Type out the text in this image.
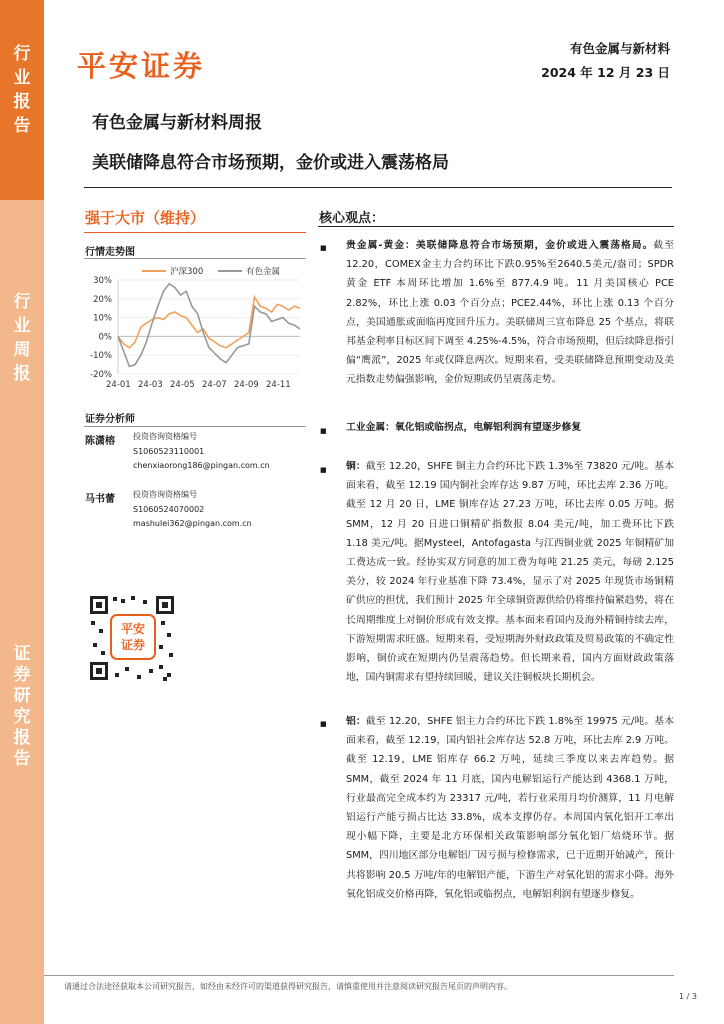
行
业
报
告
行
业
周
报
证
券
研
究
报
告
平安证券
有色金属与新材料
2024 年 12 月 23 日
有色金属与新材料周报
美联储降息符合市场预期，金价或进入震荡格局
强于大市（维持）
行情走势图
30%
20%
10%
0%
-10%
-20%
24-01 24-03 24-05 24-07 24-09 24-11
沪深300	有色金属
证券分析师
陈潇榕 投资咨询资格编号
S1060523110001
chenxiaorong186@pingan.com.cn
马书蕾 投资咨询资格编号
S1060524070002
mashulei362@pingan.com.cn
平安
证券
核心观点：
■ 贵金属-黄金：美联储降息符合市场预期，金价或进入震荡格局。截至12.20，COMEX金主力合约环比下跌0.95%至2640.5美元/盎司；SPDR 黄金 ETF 本周环比增加 1.6%至 877.4.9 吨。11 月美国核心 PCE 2.82%，环比上涨 0.03 个百分点；PCE2.44%，环比上涨 0.13 个百分点，美国通胀或面临再度回升压力。美联储周三宣布降息 25 个基点，将联邦基金利率目标区间下调至 4.25%-4.5%，符合市场预期，但后续降息指引偏“鹰派”，2025 年或仅降息两次。短期来看，受美联储降息预期变动及美元指数走势偏强影响，金价短期或仍呈震荡走势。
■ 工业金属：氧化铝或临拐点，电解铝利润有望逐步修复
■ 铜：截至 12.20，SHFE 铜主力合约环比下跌 1.3%至 73820 元/吨。基本面来看，截至 12.19 国内铜社会库存达 9.87 万吨，环比去库 2.36 万吨。截至 12 月 20 日，LME 铜库存达 27.23 万吨，环比去库 0.05 万吨。据 SMM，12 月 20 日进口铜精矿指数报 8.04 美元/吨，加工费环比下跌 1.18 美元/吨。据Mysteel，Antofagasta 与江西铜业就 2025 年铜精矿加工费达成一致。经协实双方同意的加工费为每吨 21.25 美元，每磅 2.125 美分，较 2024 年行业基准下降 73.4%，显示了对 2025 年现货市场铜精矿供应的担忧，我们预计 2025 年全球铜资源供给仍将维持偏紧趋势，将在长周期维度上对铜价形成有效支撑。基本面来看国内及海外精铜持续去库，下游短期需求旺盛。短期来看，受短期海外财政政策及贸易政策的不确定性影响，铜价或在短期内仍呈震荡趋势。但长期来看，国内方面财政政策落地，国内铜需求有望持续回暖，建议关注铜板块长期机会。
■ 铝：截至 12.20，SHFE 铝主力合约环比下跌 1.8%至 19975 元/吨。基本面来看，截至 12.19，国内铝社会库存达 52.8 万吨，环比去库 2.9 万吨。截至 12.19，LME 铝库存 66.2 万吨，延续三季度以来去库趋势。据 SMM，截至 2024 年 11 月底，国内电解铝运行产能达到 4368.1 万吨，行业最高完全成本约为 23317 元/吨，若行业采用月均价测算，11 月电解铝运行产能亏损占比达 33.8%，成本支撑仍存。本周国内氧化铝开工率出现小幅下降，主要是北方环保相关政策影响部分氧化铝厂焙烧环节。据 SMM，四川地区部分电解铝厂因亏损与检修需求，已于近期开始减产，预计共将影响 20.5 万吨/年的电解铝产能，下游生产对氧化铝的需求小降。海外氧化铝成交价格再降，氧化铝或临拐点，电解铝利润有望逐步修复。
请通过合法途径获取本公司研究报告，如经由未经许可的渠道获得研究报告，请慎重使用并注意阅读研究报告尾页的声明内容。
1 / 3
